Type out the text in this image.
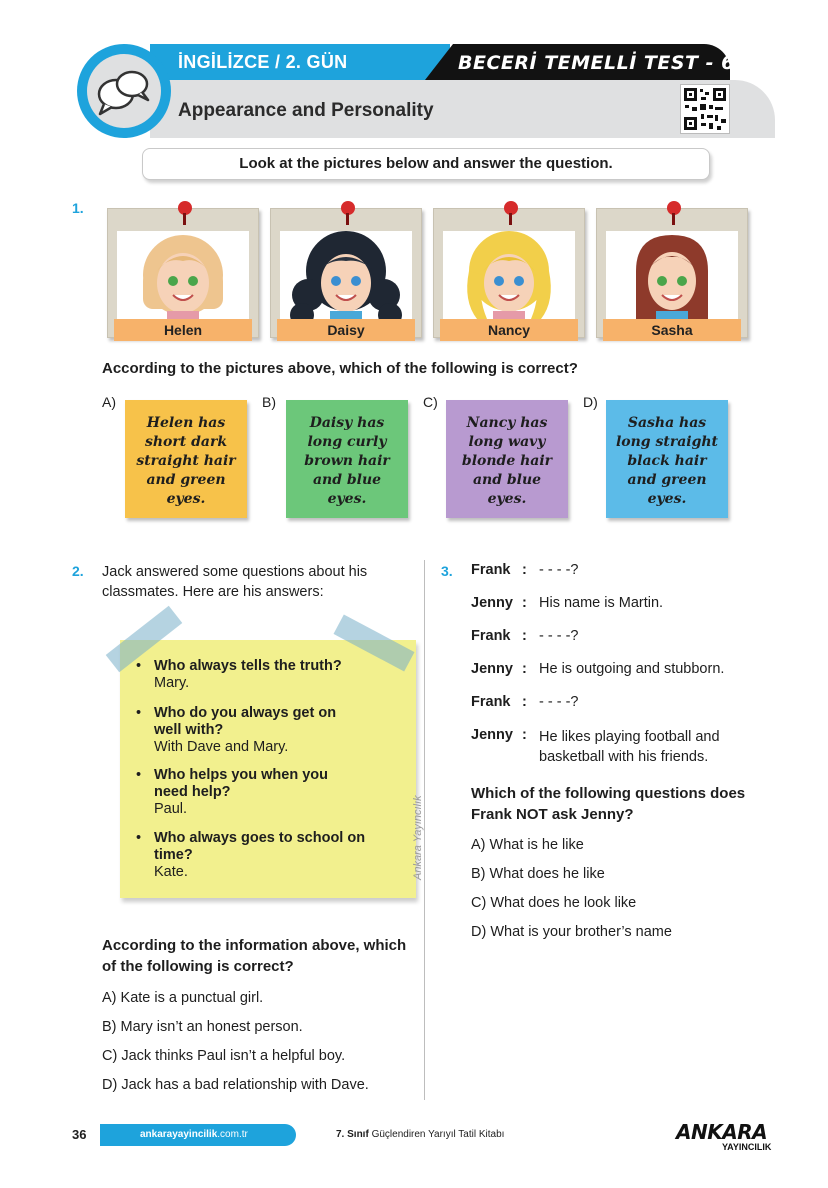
İNGİLİZCE / 2. GÜN	BECERİ TEMELLİ TEST - 6
Appearance and Personality
Look at the pictures below and answer the question.
1.
Helen	Daisy	Nancy	Sasha
According to the pictures above, which of the following is correct?
A)
Helen has short dark straight hair and green eyes.
B)
Daisy has long curly brown hair and blue eyes.
C)
Nancy has long wavy blonde hair and blue eyes.
D)
Sasha has long straight black hair and green eyes.
2. Jack answered some questions about his classmates. Here are his answers:
• Who always tells the truth?
Mary.
• Who do you always get on well with?
With Dave and Mary.
• Who helps you when you need help?
Paul.
• Who always goes to school on time?
Kate.
According to the information above, which of the following is correct?
A) Kate is a punctual girl.
B) Mary isn’t an honest person.
C) Jack thinks Paul isn’t a helpful boy.
D) Jack has a bad relationship with Dave.
Ankara Yayıncılık
3. Frank : - - - -?
Jenny : His name is Martin.
Frank : - - - -?
Jenny : He is outgoing and stubborn.
Frank : - - - -?
Jenny : He likes playing football and basketball with his friends.
Which of the following questions does Frank NOT ask Jenny?
A) What is he like
B) What does he like
C) What does he look like
D) What is your brother’s name
36	ankarayayincilik.com.tr	7. Sınıf Güçlendiren Yarıyıl Tatil Kitabı	ANKARA
YAYINCILIK
